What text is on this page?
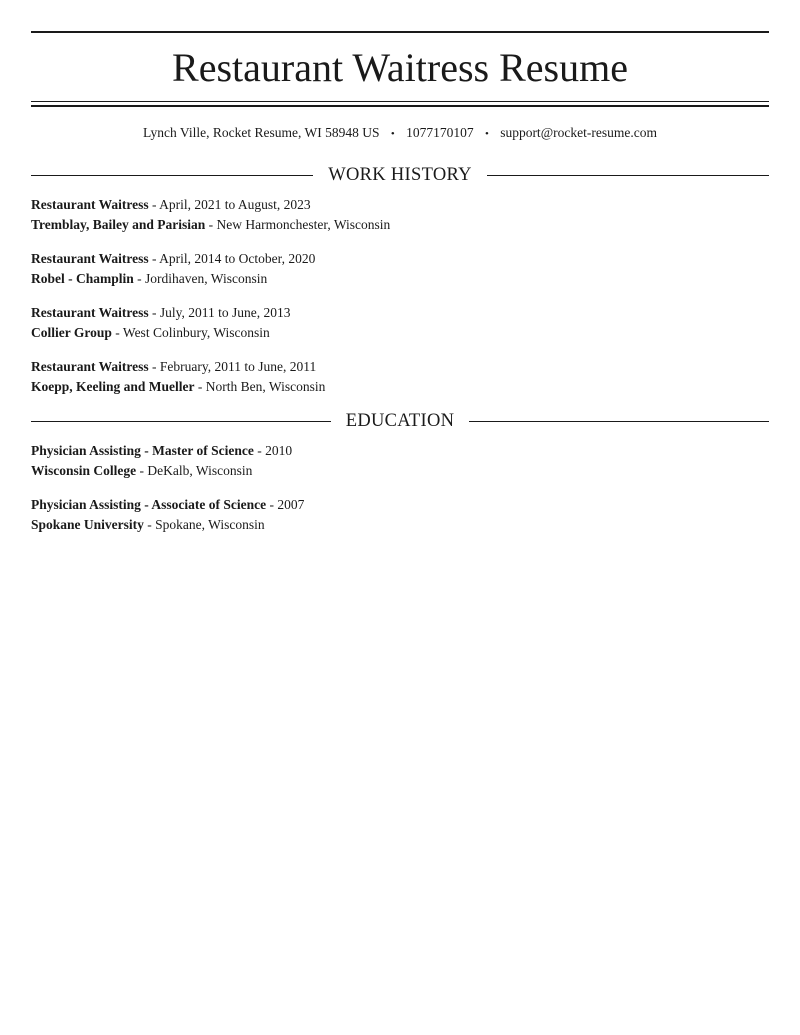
Restaurant Waitress Resume
Lynch Ville, Rocket Resume, WI 58948 US • 1077170107 • support@rocket-resume.com
WORK HISTORY
Restaurant Waitress - April, 2021 to August, 2023
Tremblay, Bailey and Parisian - New Harmonchester, Wisconsin
Restaurant Waitress - April, 2014 to October, 2020
Robel - Champlin - Jordihaven, Wisconsin
Restaurant Waitress - July, 2011 to June, 2013
Collier Group - West Colinbury, Wisconsin
Restaurant Waitress - February, 2011 to June, 2011
Koepp, Keeling and Mueller - North Ben, Wisconsin
EDUCATION
Physician Assisting - Master of Science - 2010
Wisconsin College - DeKalb, Wisconsin
Physician Assisting - Associate of Science - 2007
Spokane University - Spokane, Wisconsin
